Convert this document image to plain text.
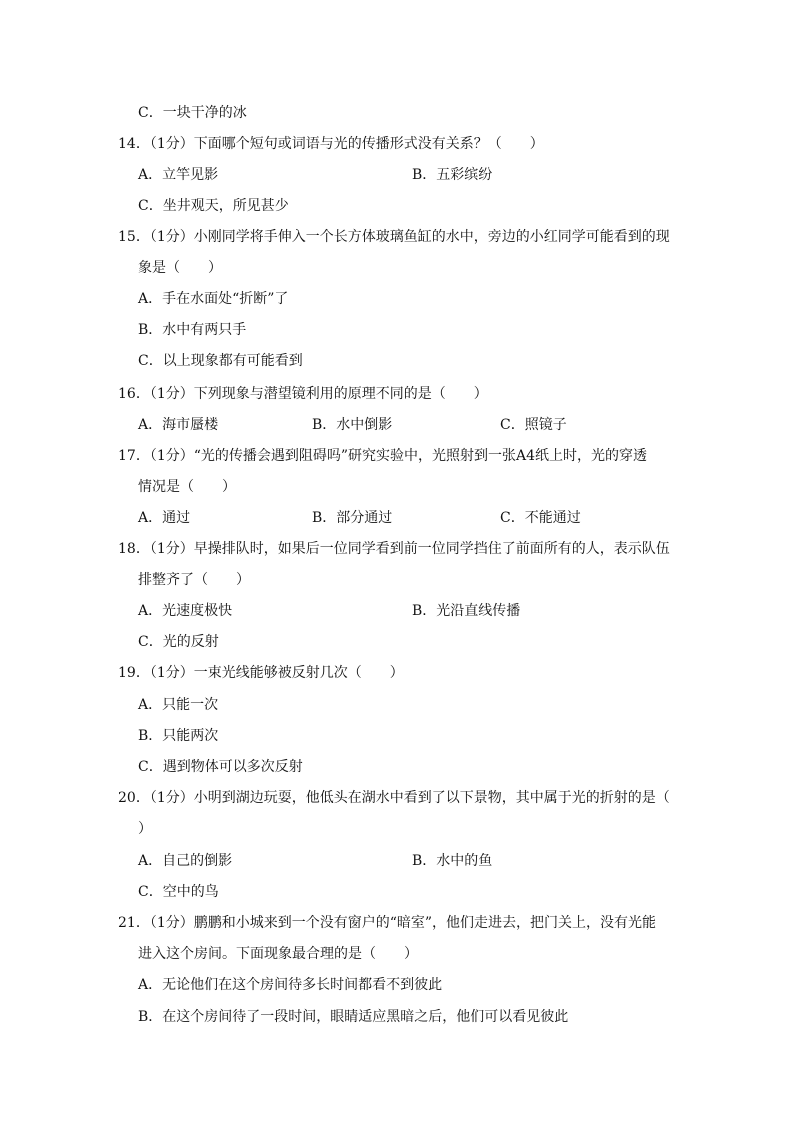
C．一块干净的冰
14．（1分）下面哪个短句或词语与光的传播形式没有关系？（　　）
A．立竿见影	B．五彩缤纷
C．坐井观天，所见甚少
15．（1分）小刚同学将手伸入一个长方体玻璃鱼缸的水中，旁边的小红同学可能看到的现
象是（　　）
A．手在水面处“折断”了
B．水中有两只手
C．以上现象都有可能看到
16．（1分）下列现象与潜望镜利用的原理不同的是（　　）
A．海市蜃楼	B．水中倒影	C．照镜子
17．（1分）“光的传播会遇到阻碍吗”研究实验中，光照射到一张A4纸上时，光的穿透
情况是（　　）
A．通过	B．部分通过	C．不能通过
18．（1分）早操排队时，如果后一位同学看到前一位同学挡住了前面所有的人，表示队伍
排整齐了（　　）
A．光速度极快	B．光沿直线传播
C．光的反射
19．（1分）一束光线能够被反射几次（　　）
A．只能一次
B．只能两次
C．遇到物体可以多次反射
20．（1分）小明到湖边玩耍，他低头在湖水中看到了以下景物，其中属于光的折射的是（
）
A．自己的倒影	B．水中的鱼
C．空中的鸟
21．（1分）鹏鹏和小城来到一个没有窗户的“暗室”，他们走进去，把门关上，没有光能
进入这个房间。下面现象最合理的是（　　）
A．无论他们在这个房间待多长时间都看不到彼此
B．在这个房间待了一段时间，眼睛适应黑暗之后，他们可以看见彼此
